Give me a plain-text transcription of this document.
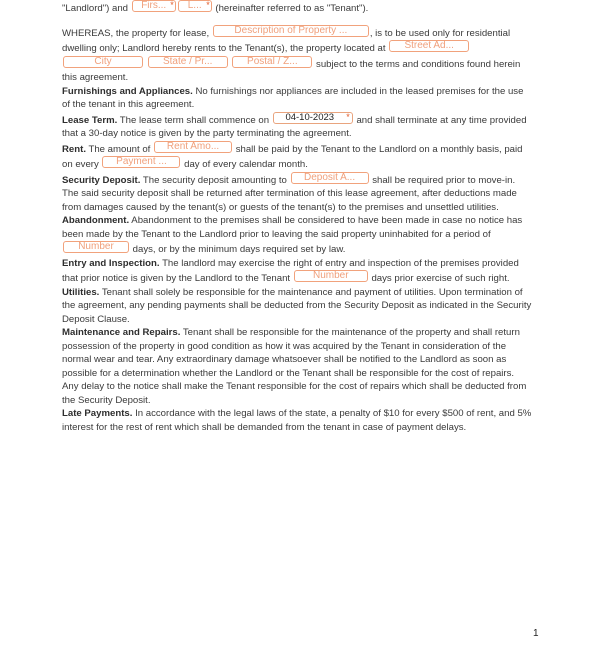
"Landlord") and Firs... * L... * (hereinafter referred to as "Tenant").

WHEREAS, the property for lease,	Description of Property ... , is to be used only for residential dwelling only; Landlord hereby rents to the Tenant(s), the property located at Street Ad... City	State / Pr...	Postal / Z... subject to the terms and conditions found herein this agreement.

Furnishings and Appliances. No furnishings nor appliances are included in the leased premises for the use of the tenant in this agreement.

Lease Term. The lease term shall commence on 04-10-2023 * and shall terminate at any time provided that a 30-day notice is given by the party terminating the agreement.

Rent. The amount of Rent Amo... shall be paid by the Tenant to the Landlord on a monthly basis, paid on every Payment ... day of every calendar month.

Security Deposit. The security deposit amounting to Deposit A... shall be required prior to move-in. The said security deposit shall be returned after termination of this lease agreement, after deductions made from damages caused by the tenant(s) or guests of the tenant(s) to the premises and unsettled utilities.

Abandonment. Abandonment to the premises shall be considered to have been made in case no notice has been made by the Tenant to the Landlord prior to leaving the said property uninhabited for a period of Number days, or by the minimum days required set by law.

Entry and Inspection. The landlord may exercise the right of entry and inspection of the premises provided that prior notice is given by the Landlord to the Tenant Number days prior exercise of such right.

Utilities. Tenant shall solely be responsible for the maintenance and payment of utilities. Upon termination of the agreement, any pending payments shall be deducted from the Security Deposit as indicated in the Security Deposit Clause.

Maintenance and Repairs. Tenant shall be responsible for the maintenance of the property and shall return possession of the property in good condition as how it was acquired by the Tenant in consideration of the normal wear and tear. Any extraordinary damage whatsoever shall be notified to the Landlord as soon as possible for a determination whether the Landlord or the Tenant shall be responsible for the cost of repairs. Any delay to the notice shall make the Tenant responsible for the cost of repairs which shall be deducted from the Security Deposit.

Late Payments. In accordance with the legal laws of the state, a penalty of $10 for every $500 of rent, and 5% interest for the rest of rent which shall be demanded from the tenant in case of payment delays.

1
